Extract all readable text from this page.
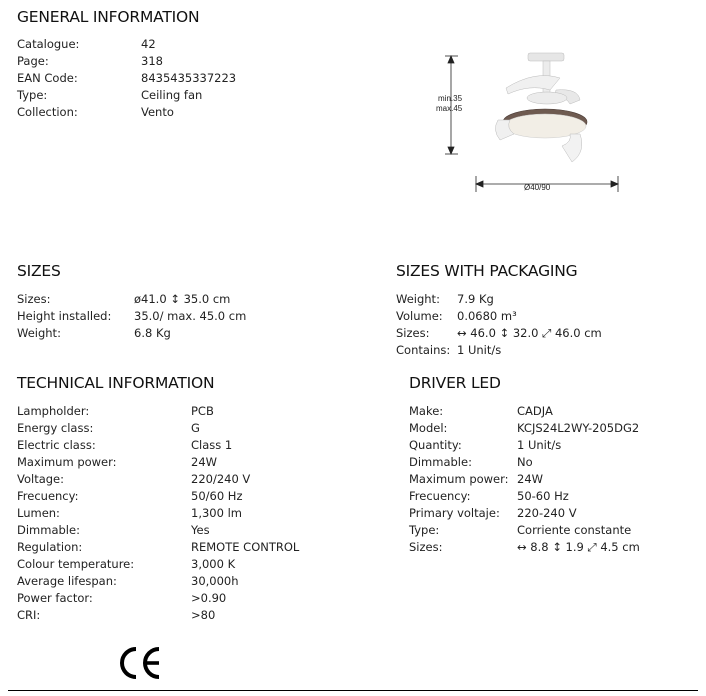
GENERAL INFORMATION
Catalogue:	42
Page:	318
EAN Code:	8435435337223
Type:	Ceiling fan
Collection:	Vento
min.35
max.45
Ø40/90
SIZES
Sizes:	ø41.0 ↕ 35.0 cm
Height installed: 35.0/ max. 45.0 cm
Weight:	6.8 Kg
SIZES WITH PACKAGING
Weight: 7.9 Kg
Volume: 0.0680 m³
Sizes: ↔ 46.0 ↕ 32.0 ⤢ 46.0 cm
Contains: 1 Unit/s
TECHNICAL INFORMATION
Lampholder:	PCB
Energy class:	G
Electric class:	Class 1
Maximum power:	24W
Voltage:	220/240 V
Frecuency:	50/60 Hz
Lumen:	1,300 lm
Dimmable:	Yes
Regulation:	REMOTE CONTROL
Colour temperature:	3,000 K
Average lifespan:	30,000h
Power factor:	>0.90
CRI:	>80
DRIVER LED
Make:	CADJA
Model:	KCJS24L2WY-205DG2
Quantity:	1 Unit/s
Dimmable:	No
Maximum power: 24W
Frecuency:	50-60 Hz
Primary voltaje: 220-240 V
Type:	Corriente constante
Sizes:	↔ 8.8 ↕ 1.9 ⤢ 4.5 cm
